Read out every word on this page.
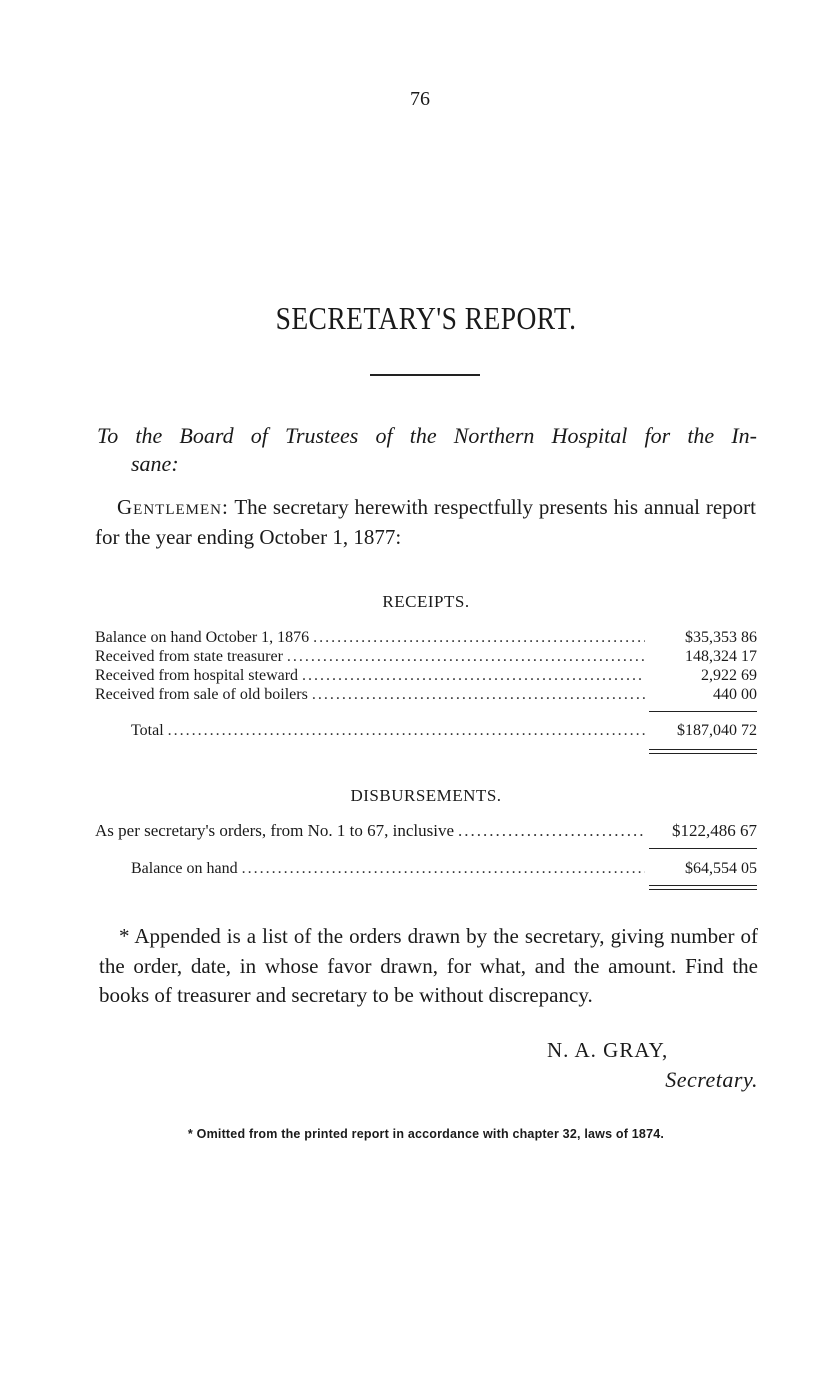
76
SECRETARY'S REPORT.
To the Board of Trustees of the Northern Hospital for the In-
sane:
Gentlemen: The secretary herewith respectfully presents his annual report for the year ending October 1, 1877:
RECEIPTS.
Balance on hand October 1, 1876 .....	$35,353 86
Received from state treasurer .....	148,324 17
Received from hospital steward .....	2,922 69
Received from sale of old boilers .....	440 00
Total .....	$187,040 72
DISBURSEMENTS.
As per secretary's orders, from No. 1 to 67, inclusive .....	$122,486 67
Balance on hand .....	$64,554 05
* Appended is a list of the orders drawn by the secretary, giving number of the order, date, in whose favor drawn, for what, and the amount. Find the books of treasurer and secretary to be without discrepancy.
N. A. GRAY,
Secretary.
* Omitted from the printed report in accordance with chapter 32, laws of 1874.
